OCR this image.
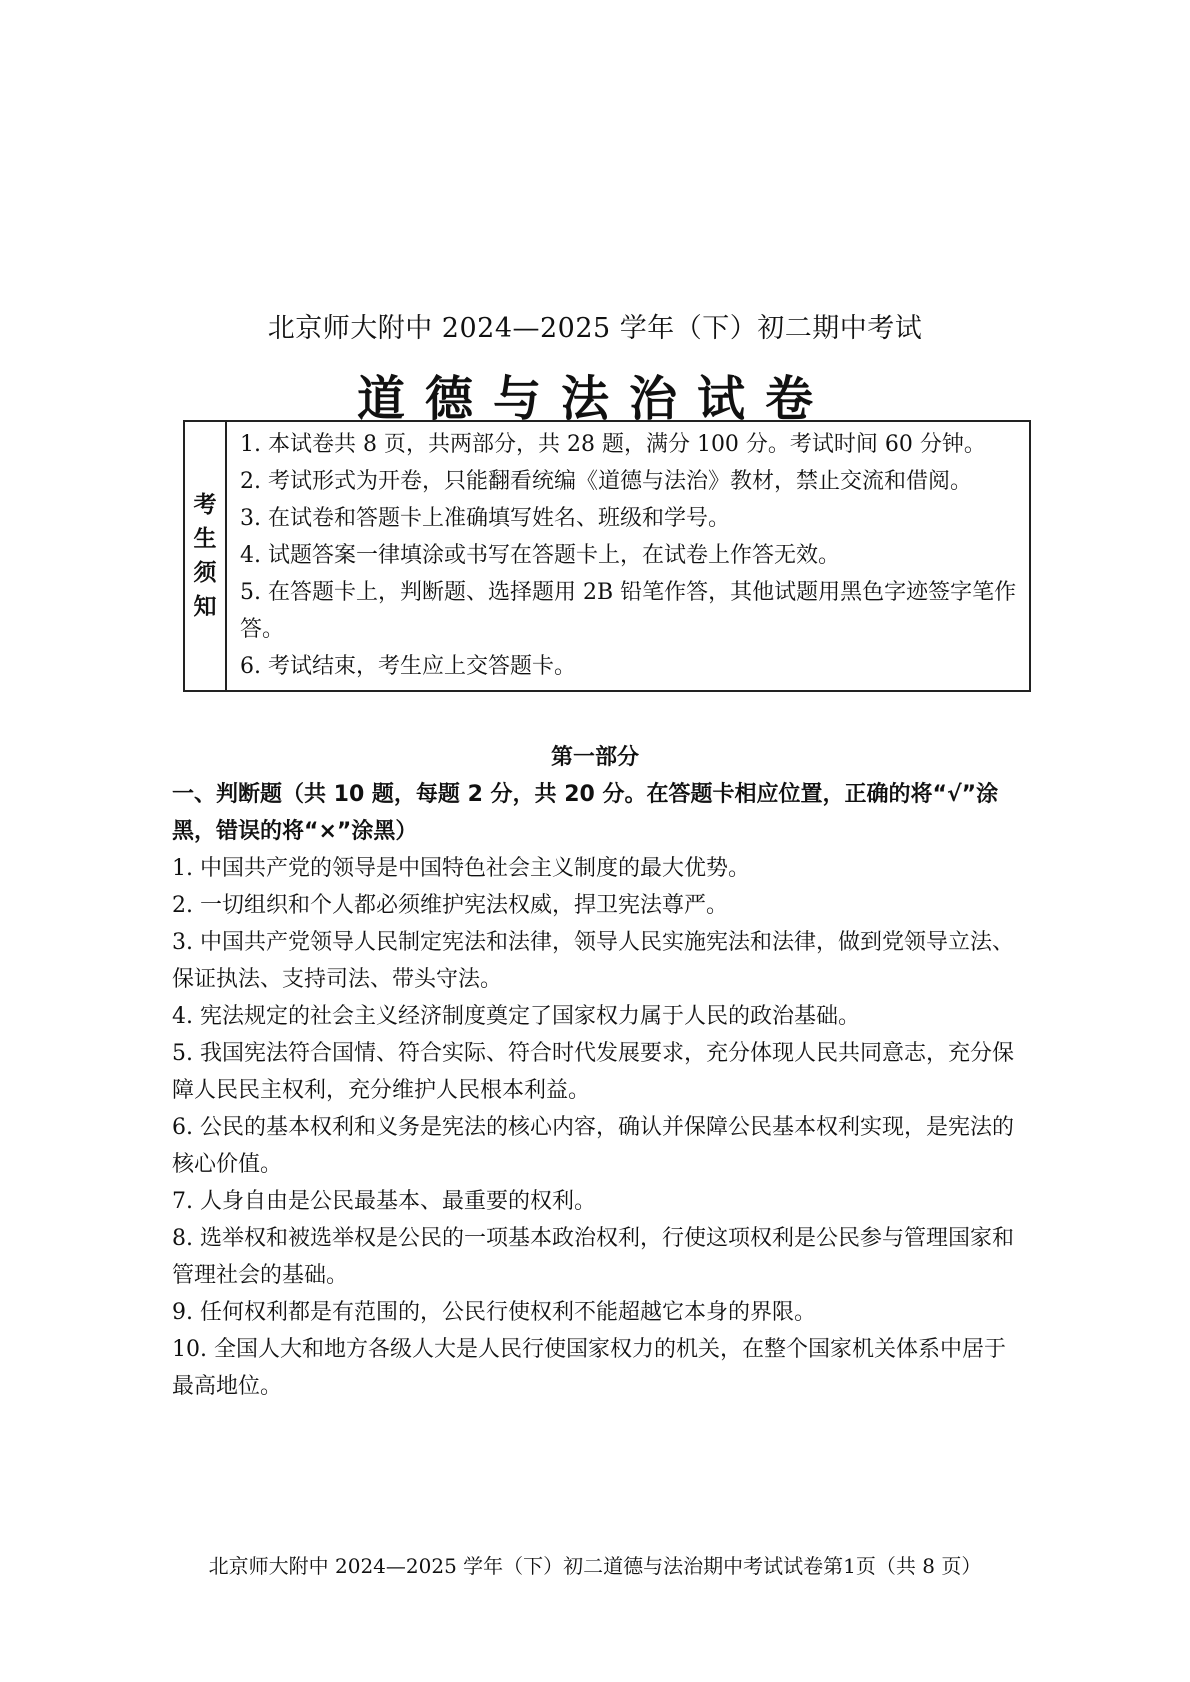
北京师大附中 2024—2025 学年（下）初二期中考试
道德与法治试卷
考
生
须
知

1. 本试卷共 8 页，共两部分，共 28 题，满分 100 分。考试时间 60 分钟。

2. 考试形式为开卷，只能翻看统编《道德与法治》教材，禁止交流和借阅。

3. 在试卷和答题卡上准确填写姓名、班级和学号。

4. 试题答案一律填涂或书写在答题卡上，在试卷上作答无效。

5. 在答题卡上，判断题、选择题用 2B 铅笔作答，其他试题用黑色字迹签字笔作答。

6. 考试结束，考生应上交答题卡。

第一部分

一、判断题（共 10 题，每题 2 分，共 20 分。在答题卡相应位置，正确的将“√”涂黑，错误的将“×”涂黑）

1. 中国共产党的领导是中国特色社会主义制度的最大优势。

2. 一切组织和个人都必须维护宪法权威，捍卫宪法尊严。

3. 中国共产党领导人民制定宪法和法律，领导人民实施宪法和法律，做到党领导立法、保证执法、支持司法、带头守法。

4. 宪法规定的社会主义经济制度奠定了国家权力属于人民的政治基础。

5. 我国宪法符合国情、符合实际、符合时代发展要求，充分体现人民共同意志，充分保障人民民主权利，充分维护人民根本利益。

6. 公民的基本权利和义务是宪法的核心内容，确认并保障公民基本权利实现，是宪法的核心价值。

7. 人身自由是公民最基本、最重要的权利。

8. 选举权和被选举权是公民的一项基本政治权利，行使这项权利是公民参与管理国家和管理社会的基础。

9. 任何权利都是有范围的，公民行使权利不能超越它本身的界限。

10. 全国人大和地方各级人大是人民行使国家权力的机关，在整个国家机关体系中居于最高地位。

北京师大附中 2024—2025 学年（下）初二道德与法治期中考试试卷第1页（共 8 页）
